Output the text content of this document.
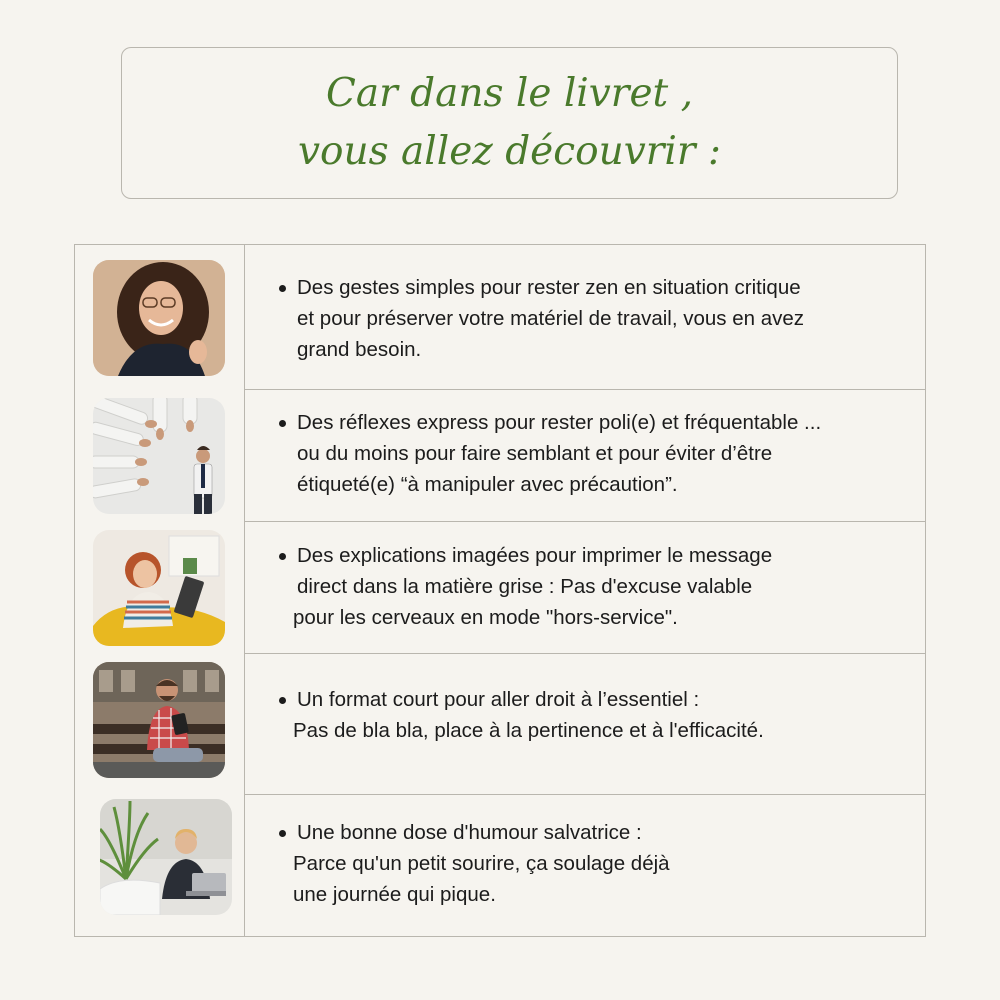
Car dans le livret ,
vous allez découvrir :
Des gestes simples pour rester zen en situation critique
et pour préserver votre matériel de travail, vous en avez
grand besoin.
Des réflexes express pour rester poli(e) et fréquentable ...
ou du moins pour faire semblant et pour éviter d’être
étiqueté(e) “à manipuler avec précaution”.
Des explications imagées pour imprimer le message
direct dans la matière grise : Pas d'excuse valable
pour les cerveaux en mode "hors-service".
Un format court pour aller droit à l’essentiel :
Pas de bla bla, place à la pertinence et à l'efficacité.
Une bonne dose d'humour salvatrice :
Parce qu'un petit sourire, ça soulage déjà
une journée qui pique.
